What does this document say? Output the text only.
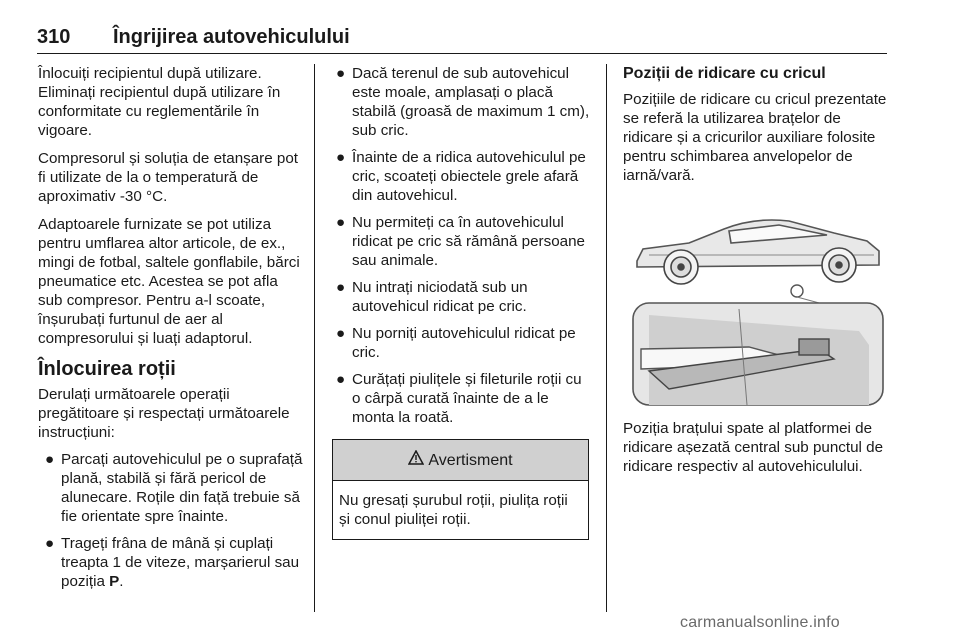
310 Îngrijirea autovehiculului

Înlocuiți recipientul după utilizare. Eliminați recipientul după utilizare în conformitate cu reglementările în vigoare.

Compresorul și soluția de etanșare pot fi utilizate de la o temperatură de aproximativ -30 °C.

Adaptoarele furnizate se pot utiliza pentru umflarea altor articole, de ex., mingi de fotbal, saltele gonflabile, bărci pneumatice etc. Acestea se pot afla sub compresor. Pentru a-l scoate, înșurubați furtunul de aer al compresorului și luați adaptorul.

Înlocuirea roții

Derulați următoarele operații pregătitoare și respectați următoarele instrucțiuni:

● Parcați autovehiculul pe o suprafață plană, stabilă și fără pericol de alunecare. Roțile din față trebuie să fie orientate spre înainte.
● Trageți frâna de mână și cuplați treapta 1 de viteze, marșarierul sau poziția P.
● Dacă terenul de sub autovehicul este moale, amplasați o placă stabilă (groasă de maximum 1 cm), sub cric.
● Înainte de a ridica autovehiculul pe cric, scoateți obiectele grele afară din autovehicul.
● Nu permiteți ca în autovehiculul ridicat pe cric să rămână persoane sau animale.
● Nu intrați niciodată sub un autovehicul ridicat pe cric.
● Nu porniți autovehiculul ridicat pe cric.
● Curățați piulițele și fileturile roții cu o cârpă curată înainte de a le monta la roată.
Avertisment
Nu gresați șurubul roții, piulița roții și conul piuliței roții.
Poziții de ridicare cu cricul

Pozițiile de ridicare cu cricul prezentate se referă la utilizarea brațelor de ridicare și a cricurilor auxiliare folosite pentru schimbarea anvelopelor de iarnă/vară.

Poziția brațului spate al platformei de ridicare așezată central sub punctul de ridicare respectiv al autovehiculului.

carmanualsonline.info
